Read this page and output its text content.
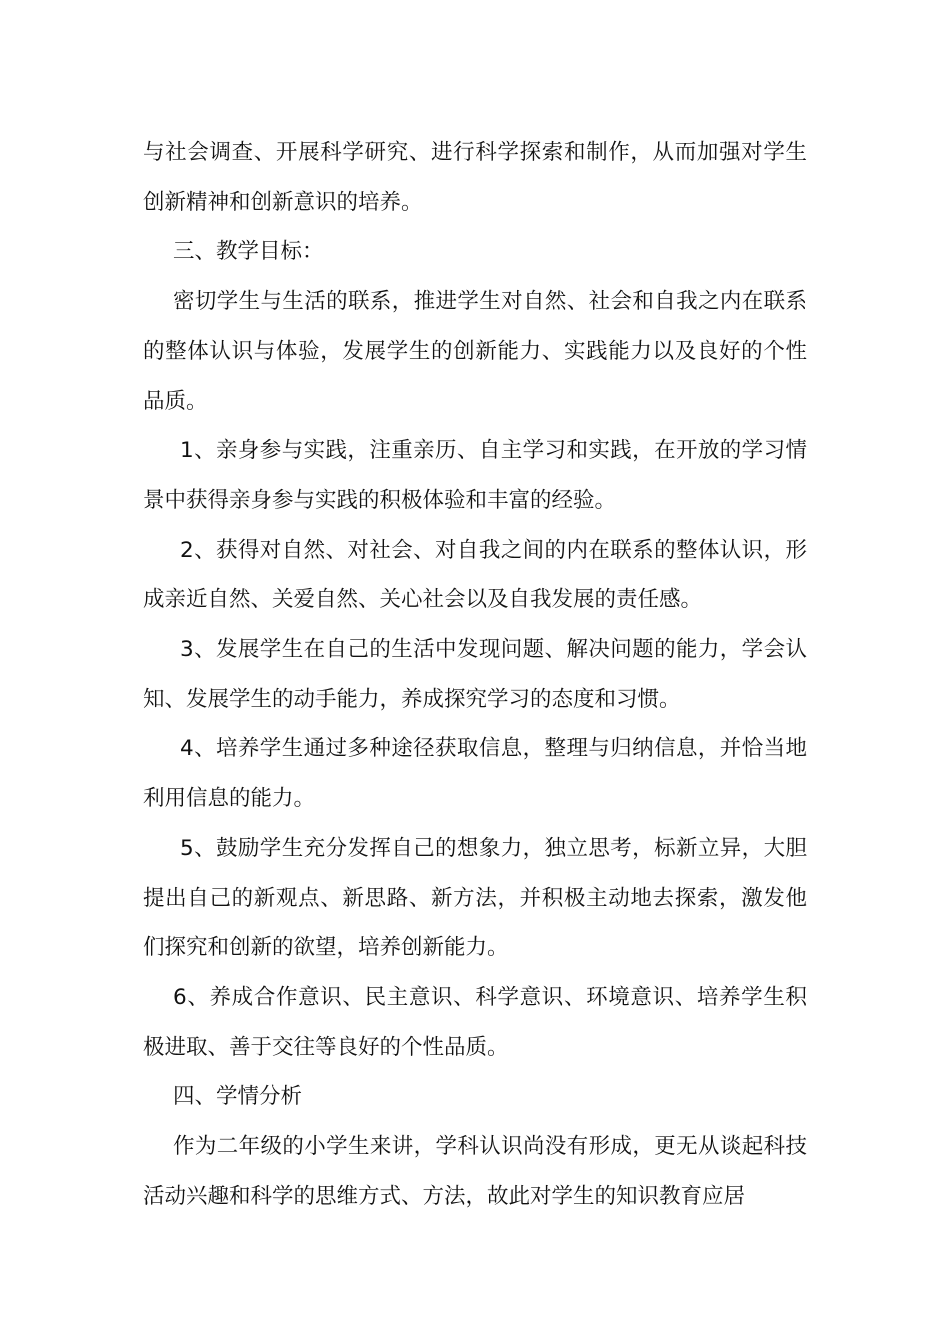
与社会调查、开展科学研究、进行科学探索和制作，从而加强对学生创新精神和创新意识的培养。

三、教学目标：

密切学生与生活的联系，推进学生对自然、社会和自我之内在联系的整体认识与体验，发展学生的创新能力、实践能力以及良好的个性品质。

1、亲身参与实践，注重亲历、自主学习和实践，在开放的学习情景中获得亲身参与实践的积极体验和丰富的经验。

2、获得对自然、对社会、对自我之间的内在联系的整体认识，形成亲近自然、关爱自然、关心社会以及自我发展的责任感。

3、发展学生在自己的生活中发现问题、解决问题的能力，学会认知、发展学生的动手能力，养成探究学习的态度和习惯。

4、培养学生通过多种途径获取信息，整理与归纳信息，并恰当地利用信息的能力。

5、鼓励学生充分发挥自己的想象力，独立思考，标新立异，大胆提出自己的新观点、新思路、新方法，并积极主动地去探索，激发他们探究和创新的欲望，培养创新能力。

6、养成合作意识、民主意识、科学意识、环境意识、培养学生积极进取、善于交往等良好的个性品质。

四、学情分析

作为二年级的小学生来讲，学科认识尚没有形成，更无从谈起科技活动兴趣和科学的思维方式、方法，故此对学生的知识教育应居
